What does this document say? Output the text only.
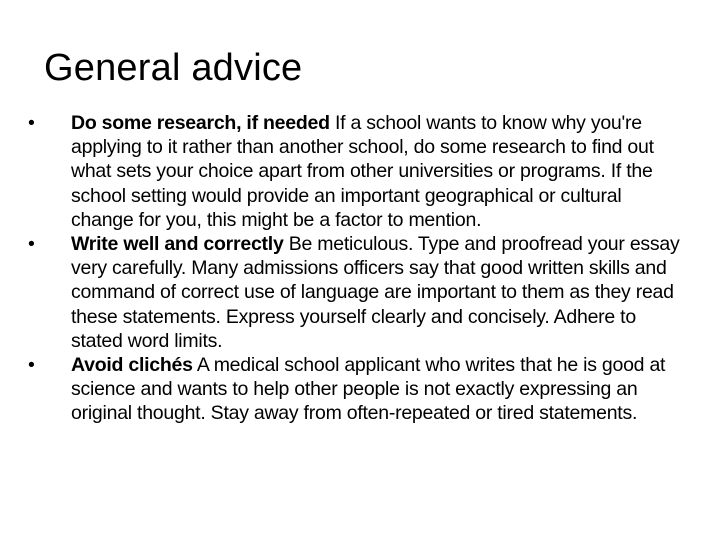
General advice
•	Do some research, if needed If a school wants to know why you're applying to it rather than another school, do some research to find out what sets your choice apart from other universities or programs. If the school setting would provide an important geographical or cultural change for you, this might be a factor to mention.
•	Write well and correctly Be meticulous. Type and proofread your essay very carefully. Many admissions officers say that good written skills and command of correct use of language are important to them as they read these statements. Express yourself clearly and concisely. Adhere to stated word limits.
•	Avoid clichés A medical school applicant who writes that he is good at science and wants to help other people is not exactly expressing an original thought. Stay away from often-repeated or tired statements.
